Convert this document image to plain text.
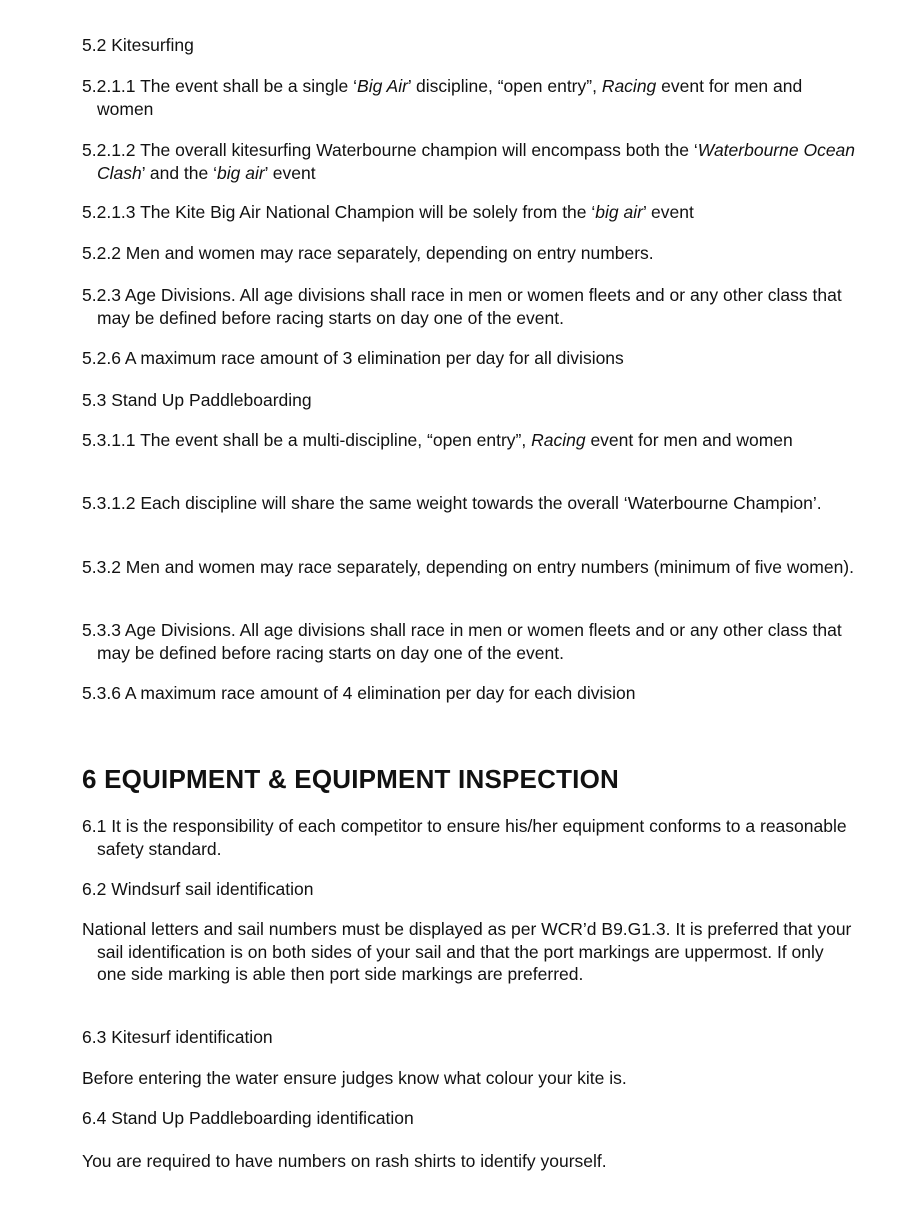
5.2 Kitesurfing

5.2.1.1 The event shall be a single ‘Big Air’ discipline, “open entry”, Racing event for men and women

5.2.1.2 The overall kitesurfing Waterbourne champion will encompass both the ‘Waterbourne Ocean Clash’ and the ‘big air’ event

5.2.1.3 The Kite Big Air National Champion will be solely from the ‘big air’ event

5.2.2 Men and women may race separately, depending on entry numbers.

5.2.3 Age Divisions. All age divisions shall race in men or women fleets and or any other class that may be defined before racing starts on day one of the event.

5.2.6 A maximum race amount of 3 elimination per day for all divisions

5.3 Stand Up Paddleboarding

5.3.1.1 The event shall be a multi-discipline, “open entry”, Racing event for men and women

5.3.1.2 Each discipline will share the same weight towards the overall ‘Waterbourne Champion’.

5.3.2 Men and women may race separately, depending on entry numbers (minimum of five women).

5.3.3 Age Divisions. All age divisions shall race in men or women fleets and or any other class that may be defined before racing starts on day one of the event.

5.3.6 A maximum race amount of 4 elimination per day for each division

6 EQUIPMENT & EQUIPMENT INSPECTION

6.1 It is the responsibility of each competitor to ensure his/her equipment conforms to a reasonable safety standard.

6.2 Windsurf sail identification

National letters and sail numbers must be displayed as per WCR’d B9.G1.3. It is preferred that your sail identification is on both sides of your sail and that the port markings are uppermost. If only one side marking is able then port side markings are preferred.

6.3 Kitesurf identification

Before entering the water ensure judges know what colour your kite is.

6.4 Stand Up Paddleboarding identification

You are required to have numbers on rash shirts to identify yourself.
